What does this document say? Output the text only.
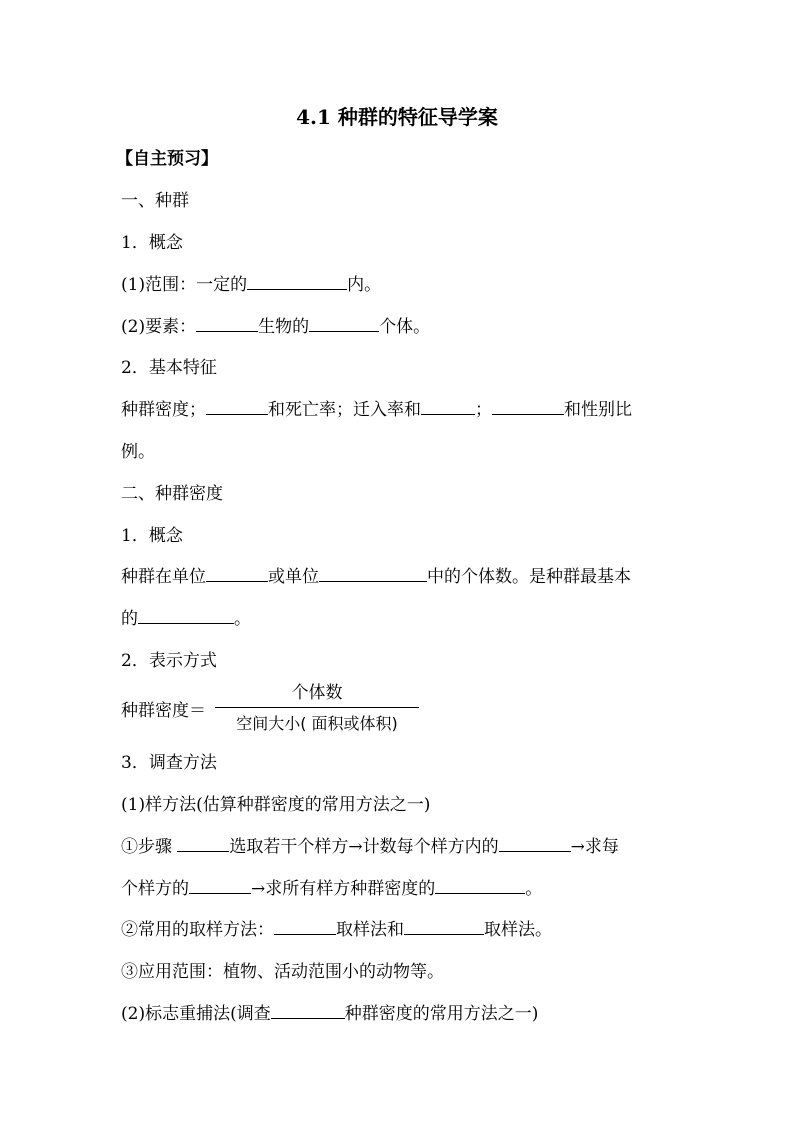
4.1 种群的特征导学案
【自主预习】
一、种群
1．概念
(1)范围：一定的	内。
(2)要素：	生物的	个体。
2．基本特征
种群密度；	和死亡率；迁入率和	；	和性别比
例。
二、种群密度
1．概念
种群在单位	或单位	中的个体数。是种群最基本
的	。
2．表示方式
种群密度＝
个体数
空间大小( 面积或体积)
3．调查方法
(1)样方法(估算种群密度的常用方法之一)
①步骤	选取若干个样方→计数每个样方内的	→求每
个样方的	→求所有样方种群密度的	。
②常用的取样方法：	取样法和	取样法。
③应用范围：植物、活动范围小的动物等。
(2)标志重捕法(调查	种群密度的常用方法之一)
